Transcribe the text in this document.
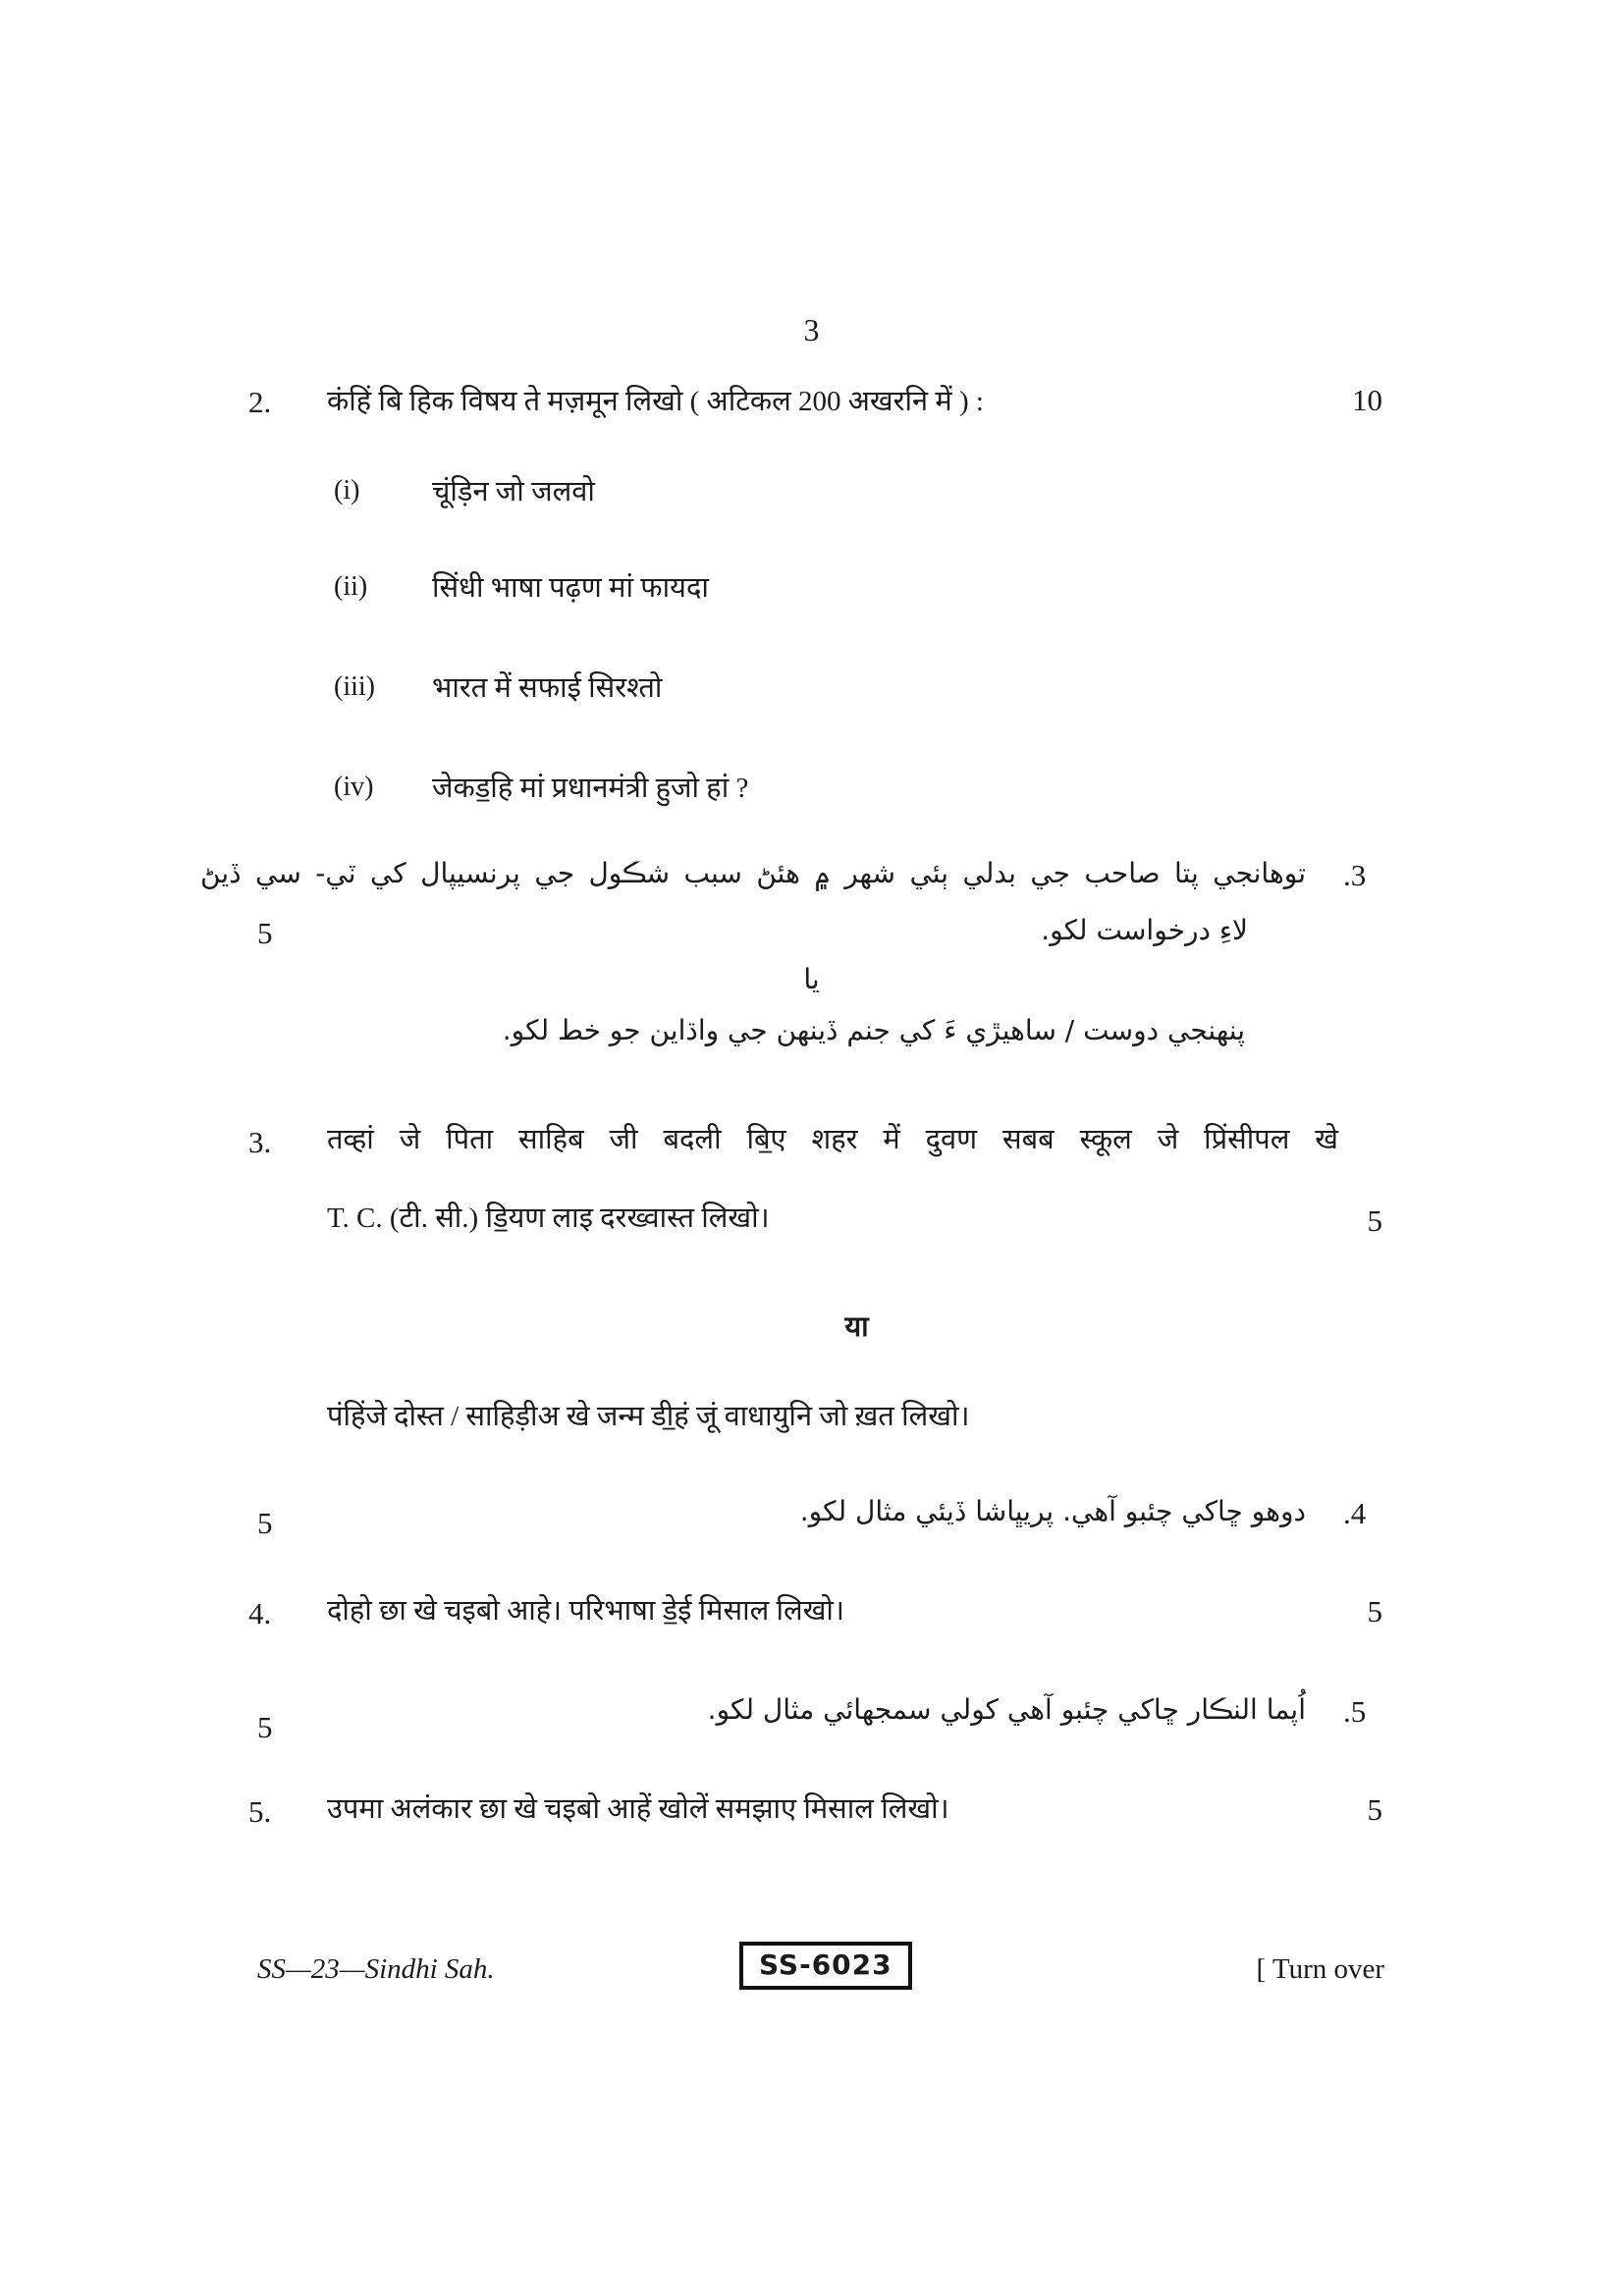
3
2. कंहिं बि हिक विषय ते मज़मून लिखो ( अटिकल 200 अखरनि में ) :	10
(i)	चूंड़िन जो जलवो
(ii) सिंधी भाषा पढ़ण मां फायदा
(iii) भारत में सफाई सिरश्तो
(iv) जेकड̲हि मां प्रधानमंत्री हुजो हां ?
.3
توهانجي پتا صاحب جي بدلي ٻئي شهر ۾ هئڻ سبب شڪول جي پرنسيپال کي ٽي- سي ڏيڻ
لاءِ درخواست لکو.
5
يا
پنهنجي دوست / ساهيڙي ءَ کي جنم ڏينهن جي واڌاين جو خط لکو.
3. तव्हां जे पिता साहिब जी बदली बि̲ए शहर में दुवण सबब स्कूल जे प्रिंसीपल खे
T. C. (टी. सी.) डि̲यण लाइ दरख्वास्त लिखो।	5
या
पंहिंजे दोस्त / साहिड़ीअ खे जन्म डी̲हं जूं वाधायुनि जो ख़त लिखो।
.4
دوهو ڇاکي چئبو آهي. پريڀاشا ڏيئي مثال لکو.
5
4. दोहो छा खे चइबो आहे। परिभाषा डे̲ई मिसाल लिखो।	5
.5
اُپما النڪار ڇاکي چئبو آهي کولي سمجهائي مثال لکو.
5
5. उपमा अलंकार छा खे चइबो आहें खोलें समझाए मिसाल लिखो।	5
SS—23—Sindhi Sah.	SS-6023	[ Turn over
